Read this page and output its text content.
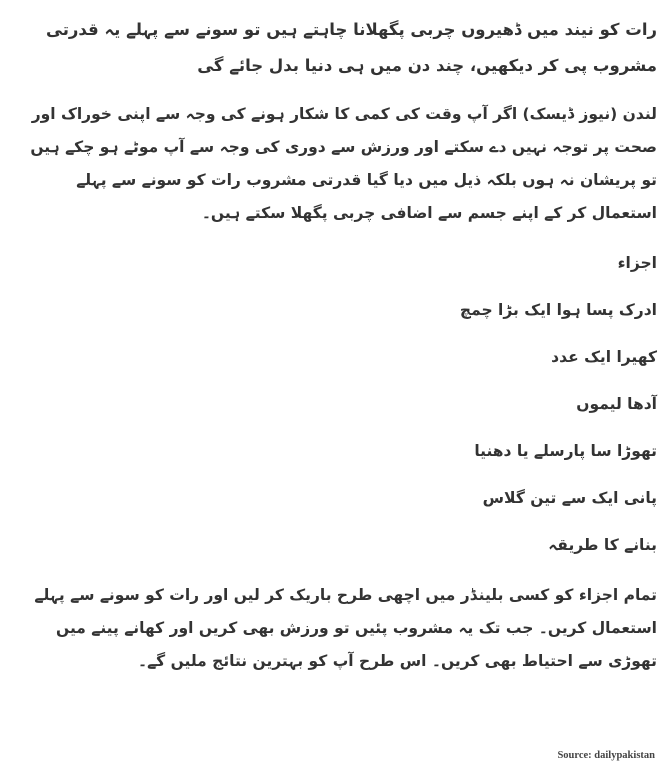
رات کو نیند میں ڈھیروں چربی پگھلانا چاہتے ہیں تو سونے سے پہلے یہ قدرتی مشروب پی کر دیکھیں، چند دن میں ہی دنیا بدل جائے گی

لندن (نیوز ڈیسک) اگر آپ وقت کی کمی کا شکار ہونے کی وجہ سے اپنی خوراک اور صحت پر توجہ نہیں دے سکتے اور ورزش سے دوری کی وجہ سے آپ موٹے ہو چکے ہیں تو پریشان نہ ہوں بلکہ ذیل میں دیا گیا قدرتی مشروب رات کو سونے سے پہلے استعمال کر کے اپنے جسم سے اضافی چربی پگھلا سکتے ہیں۔

اجزاء

ادرک پسا ہوا ایک بڑا چمچ

کھیرا ایک عدد

آدھا لیموں

تھوڑا سا پارسلے یا دھنیا

پانی ایک سے تین گلاس

بنانے کا طریقہ

تمام اجزاء کو کسی بلینڈر میں اچھی طرح باریک کر لیں اور رات کو سونے سے پہلے استعمال کریں۔ جب تک یہ مشروب پئیں تو ورزش بھی کریں اور کھانے پینے میں تھوڑی سے احتیاط بھی کریں۔ اس طرح آپ کو بہترین نتائج ملیں گے۔

Source: dailypakistan
